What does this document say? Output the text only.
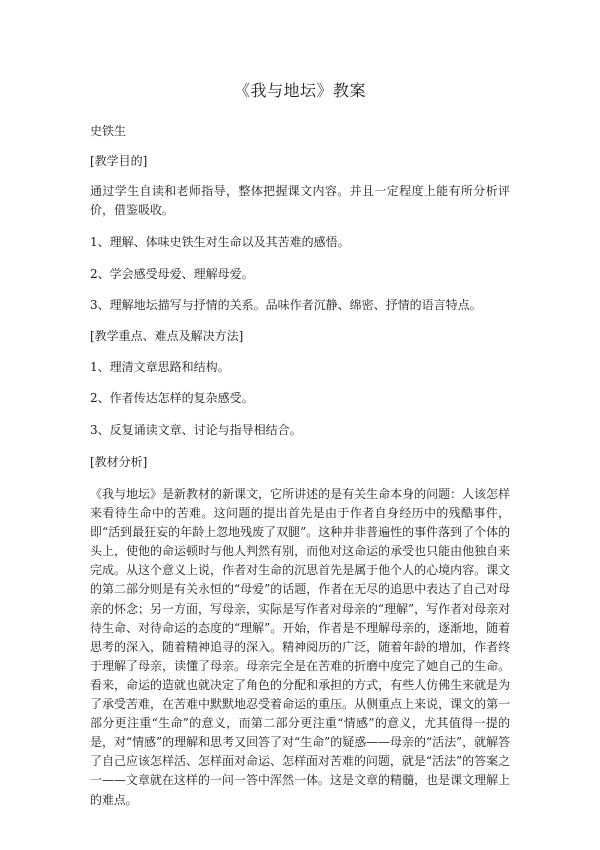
《我与地坛》教案
史铁生
[教学目的]
通过学生自读和老师指导，整体把握课文内容。并且一定程度上能有所分析评价，借鉴吸收。
1、理解、体味史铁生对生命以及其苦难的感悟。
2、学会感受母爱、理解母爱。
3、理解地坛描写与抒情的关系。品味作者沉静、绵密、抒情的语言特点。
[教学重点、难点及解决方法]
1、理清文章思路和结构。
2、作者传达怎样的复杂感受。
3、反复诵读文章、讨论与指导相结合。
[教材分析]
《我与地坛》是新教材的新课文，它所讲述的是有关生命本身的问题：人该怎样来看待生命中的苦难。这问题的提出首先是由于作者自身经历中的残酷事件，即“活到最狂妄的年龄上忽地残废了双腿”。这种并非普遍性的事件落到了个体的头上，使他的命运顿时与他人判然有别，而他对这命运的承受也只能由他独自来完成。从这个意义上说，作者对生命的沉思首先是属于他个人的心境内容。课文的第二部分则是有关永恒的“母爱”的话题，作者在无尽的追思中表达了自己对母亲的怀念；另一方面，写母亲，实际是写作者对母亲的“理解”，写作者对母亲对待生命、对待命运的态度的“理解”。开始，作者是不理解母亲的，逐渐地，随着思考的深入，随着精神追寻的深入。精神阅历的广泛，随着年龄的增加，作者终于理解了母亲，读懂了母亲。母亲完全是在苦难的折磨中度完了她自己的生命。看来，命运的造就也就决定了角色的分配和承担的方式，有些人仿佛生来就是为了承受苦难，在苦难中默默地忍受着命运的重压。从侧重点上来说，课文的第一部分更注重“生命”的意义，而第二部分更注重“情感”的意义，尤其值得一提的是，对“情感”的理解和思考又回答了对“生命”的疑惑——母亲的“活法”，就解答了自己应该怎样活、怎样面对命运、怎样面对苦难的问题，就是“活法”的答案之一——文章就在这样的一问一答中浑然一体。这是文章的精髓，也是课文理解上的难点。
